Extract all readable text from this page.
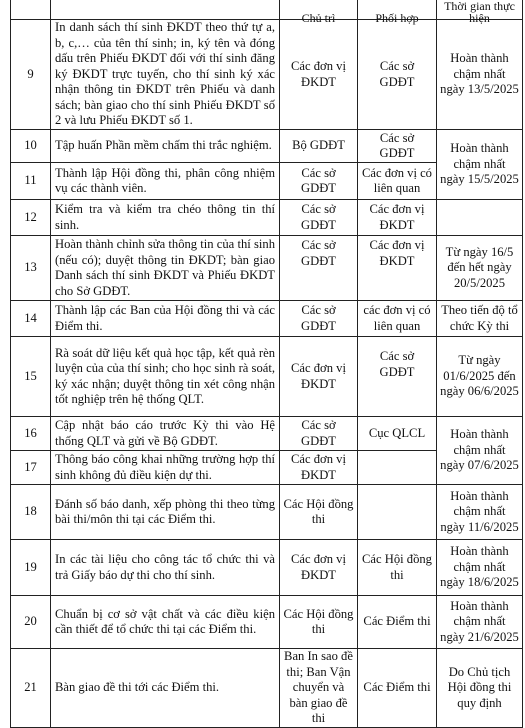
		Chủ trì	Phối hợp	Thời gian thực hiện
9	In danh sách thí sinh ĐKDT theo thứ tự a, b, c,… của tên thí sinh; in, ký tên và đóng dấu trên Phiếu ĐKDT đối với thí sinh đăng ký ĐKDT trực tuyến, cho thí sinh ký xác nhận thông tin ĐKDT trên Phiếu và danh sách; bàn giao cho thí sinh Phiếu ĐKDT số 2 và lưu Phiếu ĐKDT số 1.	Các đơn vị ĐKDT	Các sở GDĐT	Hoàn thành chậm nhất ngày 13/5/2025
10	Tập huấn Phần mềm chấm thi trắc nghiệm.	Bộ GDĐT	Các sở GDĐT	Hoàn thành chậm nhất ngày 15/5/2025
11	Thành lập Hội đồng thi, phân công nhiệm vụ các thành viên.	Các sở GDĐT	Các đơn vị có liên quan	
12	Kiểm tra và kiểm tra chéo thông tin thí sinh.	Các sở GDĐT	Các đơn vị ĐKDT	
13	Hoàn thành chỉnh sửa thông tin của thí sinh (nếu có); duyệt thông tin ĐKDT; bàn giao Danh sách thí sinh ĐKDT và Phiếu ĐKDT cho Sở GDĐT.	Các sở GDĐT	Các đơn vị ĐKDT	Từ ngày 16/5 đến hết ngày 20/5/2025
14	Thành lập các Ban của Hội đồng thi và các Điểm thi.	Các sở GDĐT	các đơn vị có liên quan	Theo tiến độ tổ chức Kỳ thi
15	Rà soát dữ liệu kết quả học tập, kết quả rèn luyện của của thí sinh; cho học sinh rà soát, ký xác nhận; duyệt thông tin xét công nhận tốt nghiệp trên hệ thống QLT.	Các đơn vị ĐKDT	Các sở GDĐT	Từ ngày 01/6/2025 đến ngày 06/6/2025
16	Cập nhật báo cáo trước Kỳ thi vào Hệ thống QLT và gửi về Bộ GDĐT.	Các sở GDĐT	Cục QLCL	Hoàn thành chậm nhất ngày 07/6/2025
17	Thông báo công khai những trường hợp thí sinh không đủ điều kiện dự thi.	Các đơn vị ĐKDT		
18	Đánh số báo danh, xếp phòng thi theo từng bài thi/môn thi tại các Điểm thi.	Các Hội đồng thi		Hoàn thành chậm nhất ngày 11/6/2025
19	In các tài liệu cho công tác tổ chức thi và trả Giấy báo dự thi cho thí sinh.	Các đơn vị ĐKDT	Các Hội đồng thi	Hoàn thành chậm nhất ngày 18/6/2025
20	Chuẩn bị cơ sở vật chất và các điều kiện cần thiết để tổ chức thi tại các Điểm thi.	Các Hội đồng thi	Các Điểm thi	Hoàn thành chậm nhất ngày 21/6/2025
21	Bàn giao đề thi tới các Điểm thi.	Ban In sao đề thi; Ban Vận chuyển và bàn giao đề thi	Các Điểm thi	Do Chủ tịch Hội đồng thi quy định
